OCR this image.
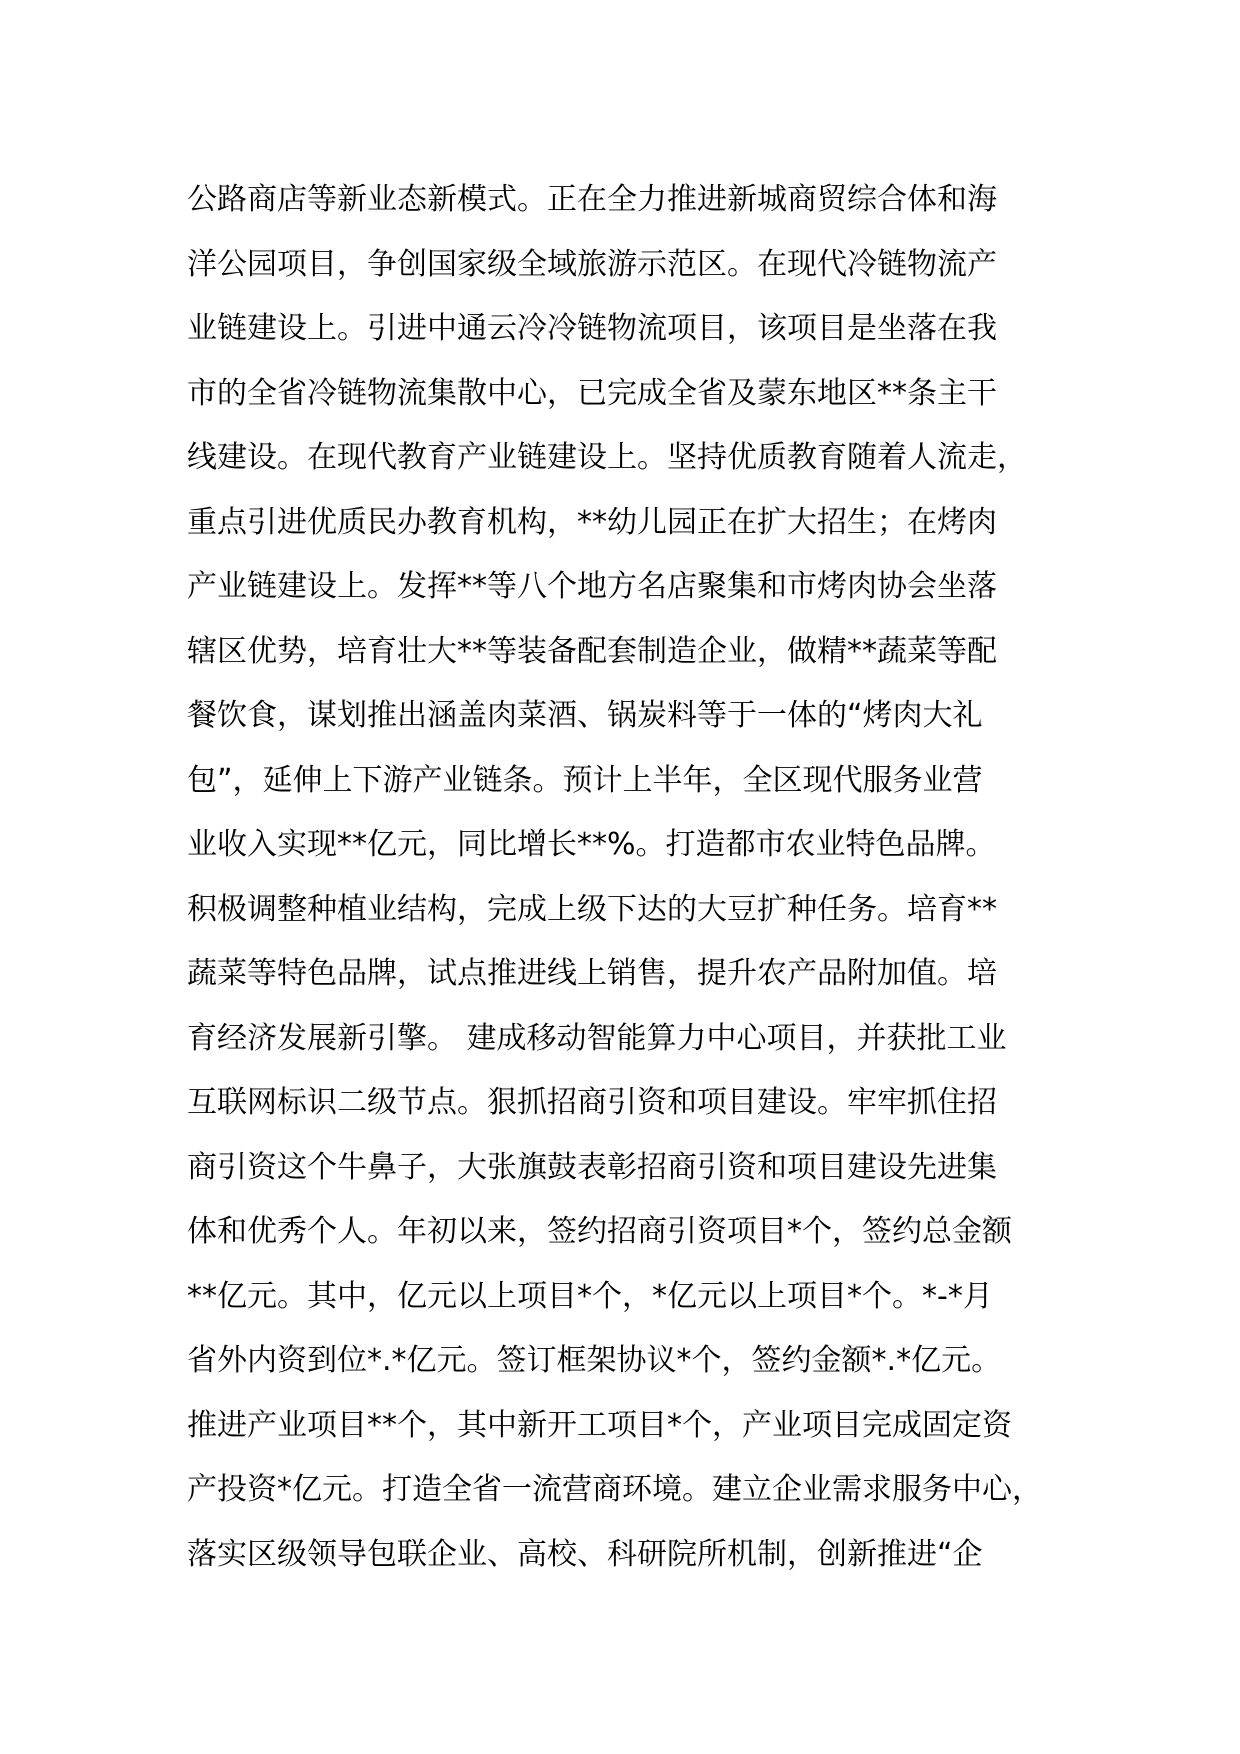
公路商店等新业态新模式。正在全力推进新城商贸综合体和海
洋公园项目，争创国家级全域旅游示范区。在现代冷链物流产
业链建设上。引进中通云冷冷链物流项目，该项目是坐落在我
市的全省冷链物流集散中心，已完成全省及蒙东地区**条主干
线建设。在现代教育产业链建设上。坚持优质教育随着人流走，
重点引进优质民办教育机构，**幼儿园正在扩大招生；在烤肉
产业链建设上。发挥**等八个地方名店聚集和市烤肉协会坐落
辖区优势，培育壮大**等装备配套制造企业，做精**蔬菜等配
餐饮食，谋划推出涵盖肉菜酒、锅炭料等于一体的“烤肉大礼
包”，延伸上下游产业链条。预计上半年，全区现代服务业营
业收入实现**亿元，同比增长**%。打造都市农业特色品牌。
积极调整种植业结构，完成上级下达的大豆扩种任务。培育**
蔬菜等特色品牌，试点推进线上销售，提升农产品附加值。培
育经济发展新引擎。 建成移动智能算力中心项目，并获批工业
互联网标识二级节点。狠抓招商引资和项目建设。牢牢抓住招
商引资这个牛鼻子，大张旗鼓表彰招商引资和项目建设先进集
体和优秀个人。年初以来，签约招商引资项目*个，签约总金额
**亿元。其中，亿元以上项目*个，*亿元以上项目*个。*-*月
省外内资到位*.*亿元。签订框架协议*个，签约金额*.*亿元。
推进产业项目**个，其中新开工项目*个，产业项目完成固定资
产投资*亿元。打造全省一流营商环境。建立企业需求服务中心，
落实区级领导包联企业、高校、科研院所机制，创新推进“企
